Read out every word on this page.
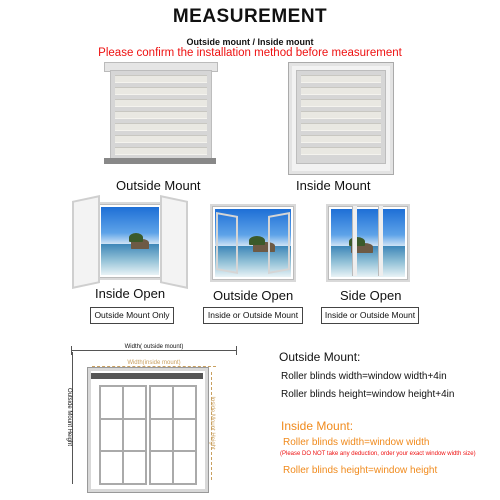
MEASUREMENT
Outside mount / Inside mount
Please confirm the installation method before measurement
Outside Mount	Inside Mount
Inside Open	Outside Open	Side Open
Outside Mount Only	Inside or Outside Mount	Inside or Outside Mount
Width( outside mount)
Width(inside mount)
Outside Mount Height	Inside Mount Height
Outside Mount:
Roller blinds width=window width+4in
Roller blinds height=window height+4in
Inside Mount:
Roller blinds width=window width
(Please DO NOT take any deduction, order your exact window width size)
Roller blinds height=window height
